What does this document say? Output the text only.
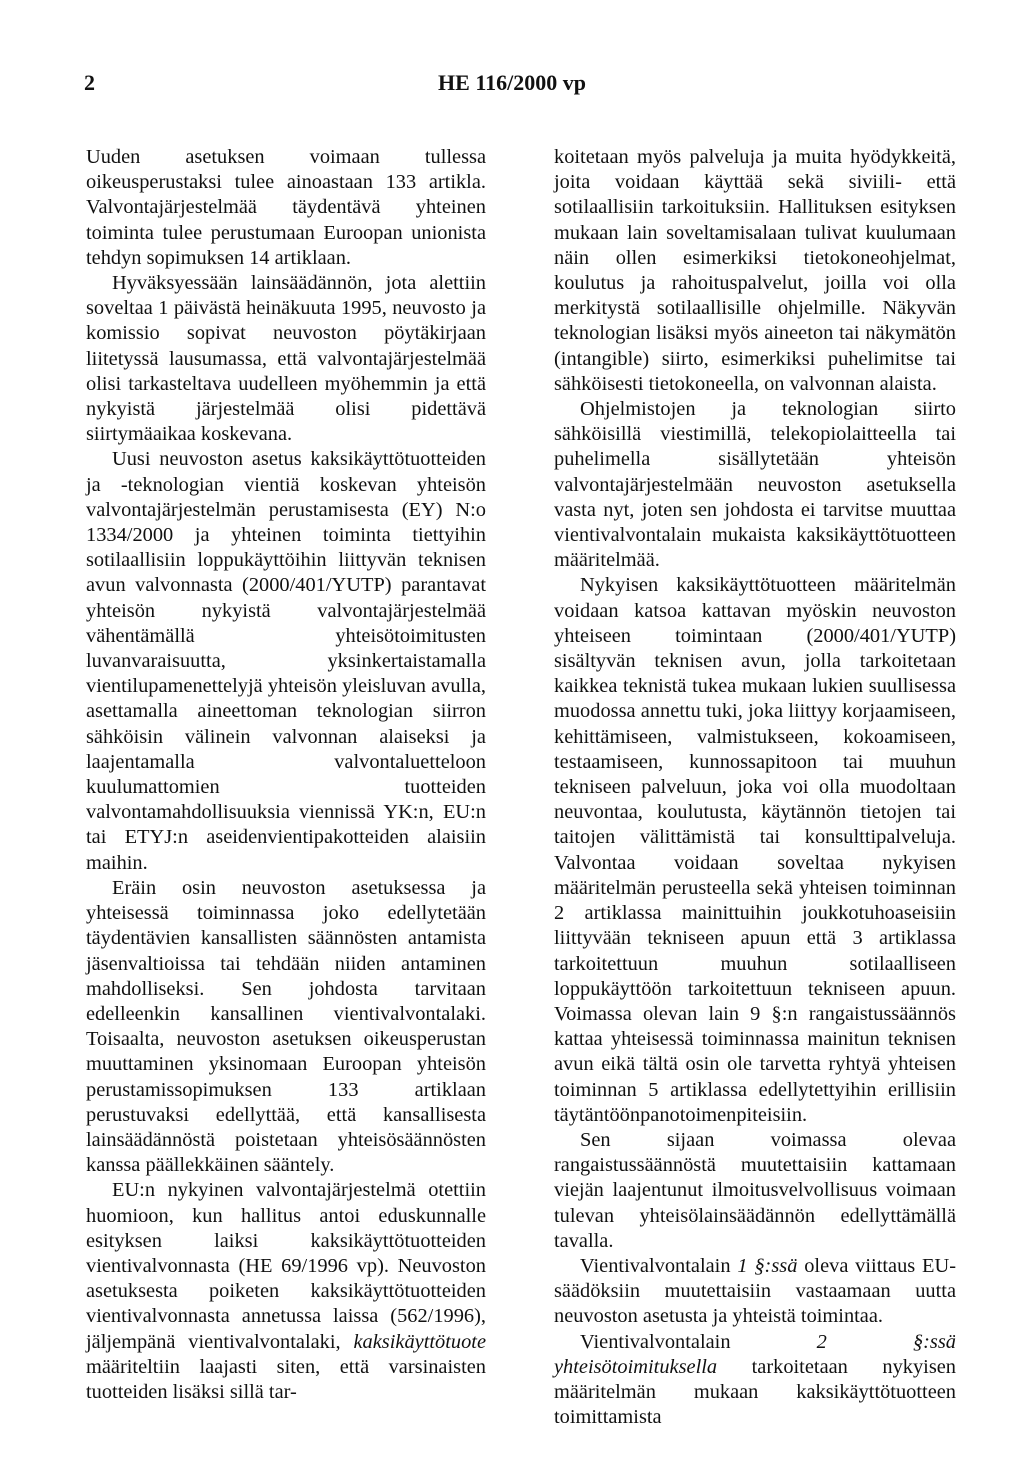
2	HE 116/2000 vp

Uuden asetuksen voimaan tullessa oikeusperustaksi tulee ainoastaan 133 artikla. Valvontajärjestelmää täydentävä yhteinen toiminta tulee perustumaan Euroopan unionista tehdyn sopimuksen 14 artiklaan.

Hyväksyessään lainsäädännön, jota alettiin soveltaa 1 päivästä heinäkuuta 1995, neuvosto ja komissio sopivat neuvoston pöytäkirjaan liitetyssä lausumassa, että valvontajärjestelmää olisi tarkasteltava uudelleen myöhemmin ja että nykyistä järjestelmää olisi pidettävä siirtymäaikaa koskevana.

Uusi neuvoston asetus kaksikäyttötuotteiden ja -teknologian vientiä koskevan yhteisön valvontajärjestelmän perustamisesta (EY) N:o 1334/2000 ja yhteinen toiminta tiettyihin sotilaallisiin loppukäyttöihin liittyvän teknisen avun valvonnasta (2000/401/YUTP) parantavat yhteisön nykyistä valvontajärjestelmää vähentämällä yhteisötoimitusten luvanvaraisuutta, yksinkertaistamalla vientilupamenettelyjä yhteisön yleisluvan avulla, asettamalla aineettoman teknologian siirron sähköisin välinein valvonnan alaiseksi ja laajentamalla valvontaluetteloon kuulumattomien tuotteiden valvontamahdollisuuksia viennissä YK:n, EU:n tai ETYJ:n aseidenvientipakotteiden alaisiin maihin.

Eräin osin neuvoston asetuksessa ja yhteisessä toiminnassa joko edellytetään täydentävien kansallisten säännösten antamista jäsenvaltioissa tai tehdään niiden antaminen mahdolliseksi. Sen johdosta tarvitaan edelleenkin kansallinen vientivalvontalaki. Toisaalta, neuvoston asetuksen oikeusperustan muuttaminen yksinomaan Euroopan yhteisön perustamissopimuksen 133 artiklaan perustuvaksi edellyttää, että kansallisesta lainsäädännöstä poistetaan yhteisösäännösten kanssa päällekkäinen sääntely.

EU:n nykyinen valvontajärjestelmä otettiin huomioon, kun hallitus antoi eduskunnalle esityksen laiksi kaksikäyttötuotteiden vientivalvonnasta (HE 69/1996 vp). Neuvoston asetuksesta poiketen kaksikäyttötuotteiden vientivalvonnasta annetussa laissa (562/1996), jäljempänä vientivalvontalaki, kaksikäyttötuote määriteltiin laajasti siten, että varsinaisten tuotteiden lisäksi sillä tar-

koitetaan myös palveluja ja muita hyödykkeitä, joita voidaan käyttää sekä siviili- että sotilaallisiin tarkoituksiin. Hallituksen esityksen mukaan lain soveltamisalaan tulivat kuulumaan näin ollen esimerkiksi tietokoneohjelmat, koulutus ja rahoituspalvelut, joilla voi olla merkitystä sotilaallisille ohjelmille. Näkyvän teknologian lisäksi myös aineeton tai näkymätön (intangible) siirto, esimerkiksi puhelimitse tai sähköisesti tietokoneella, on valvonnan alaista.

Ohjelmistojen ja teknologian siirto sähköisillä viestimillä, telekopiolaitteella tai puhelimella sisällytetään yhteisön valvontajärjestelmään neuvoston asetuksella vasta nyt, joten sen johdosta ei tarvitse muuttaa vientivalvontalain mukaista kaksikäyttötuotteen määritelmää.

Nykyisen kaksikäyttötuotteen määritelmän voidaan katsoa kattavan myöskin neuvoston yhteiseen toimintaan (2000/401/YUTP) sisältyvän teknisen avun, jolla tarkoitetaan kaikkea teknistä tukea mukaan lukien suullisessa muodossa annettu tuki, joka liittyy korjaamiseen, kehittämiseen, valmistukseen, kokoamiseen, testaamiseen, kunnossapitoon tai muuhun tekniseen palveluun, joka voi olla muodoltaan neuvontaa, koulutusta, käytännön tietojen tai taitojen välittämistä tai konsulttipalveluja. Valvontaa voidaan soveltaa nykyisen määritelmän perusteella sekä yhteisen toiminnan 2 artiklassa mainittuihin joukkotuhoaseisiin liittyvään tekniseen apuun että 3 artiklassa tarkoitettuun muuhun sotilaalliseen loppukäyttöön tarkoitettuun tekniseen apuun. Voimassa olevan lain 9 §:n rangaistussäännös kattaa yhteisessä toiminnassa mainitun teknisen avun eikä tältä osin ole tarvetta ryhtyä yhteisen toiminnan 5 artiklassa edellytettyihin erillisiin täytäntöönpanotoimenpiteisiin.

Sen sijaan voimassa olevaa rangaistussäännöstä muutettaisiin kattamaan viejän laajentunut ilmoitusvelvollisuus voimaan tulevan yhteisölainsäädännön edellyttämällä tavalla.

Vientivalvontalain 1 §:ssä oleva viittaus EU-säädöksiin muutettaisiin vastaamaan uutta neuvoston asetusta ja yhteistä toimintaa.

Vientivalvontalain 2 §:ssä yhteisötoimituksella tarkoitetaan nykyisen määritelmän mukaan kaksikäyttötuotteen toimittamista
